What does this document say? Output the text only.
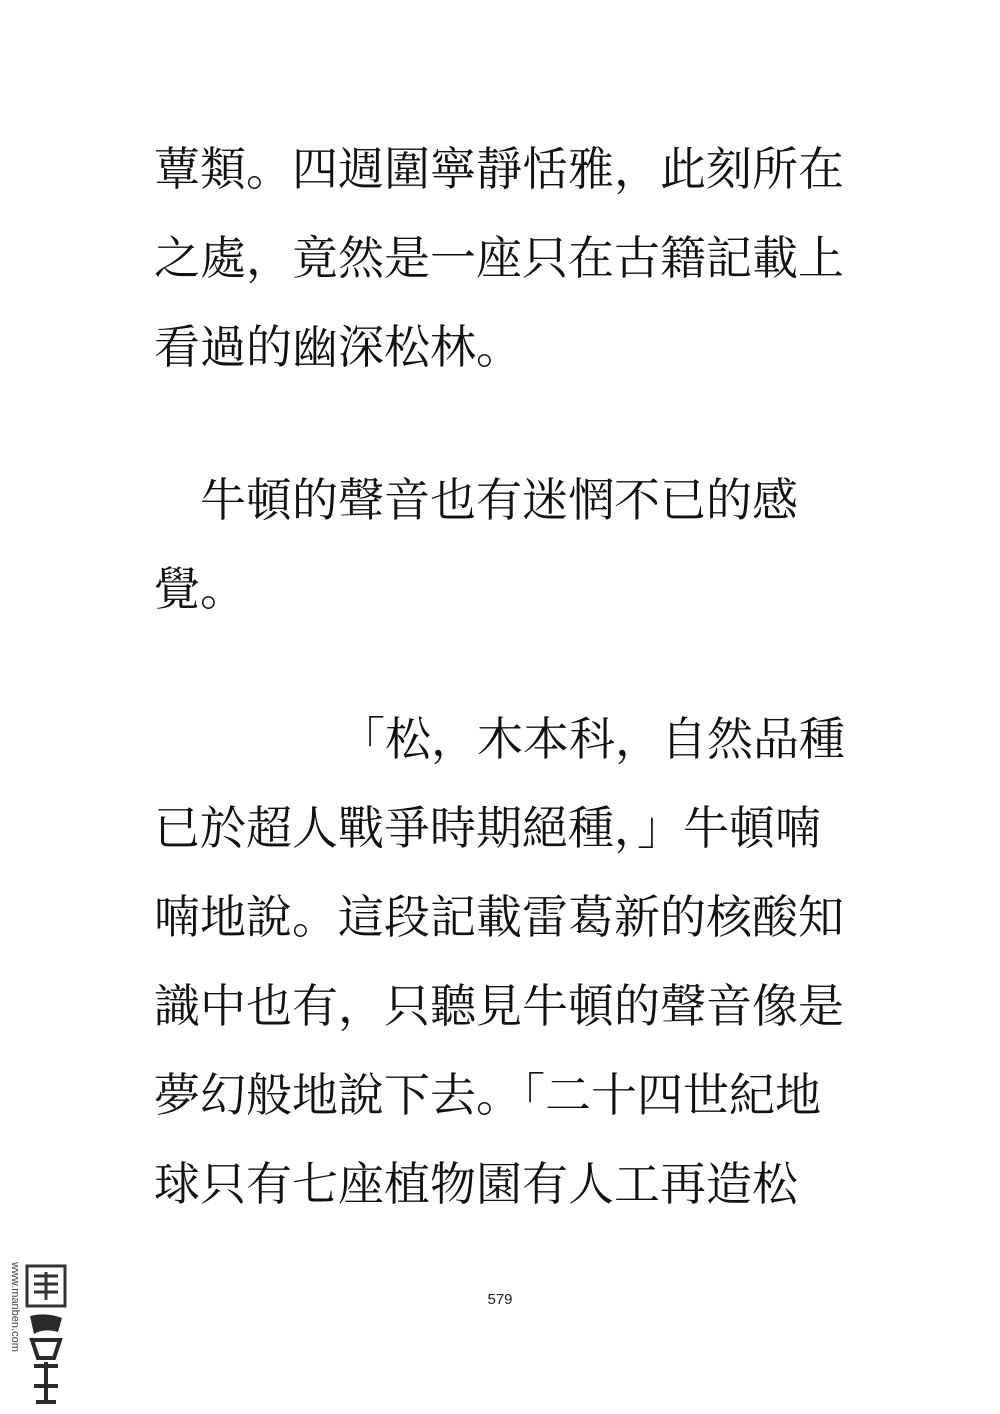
蕈類。四週圍寧靜恬雅，此刻所在
之處，竟然是一座只在古籍記載上
看過的幽深松林。
牛頓的聲音也有迷惘不已的感
覺。
「松，木本科，自然品種
已於超人戰爭時期絕種，」牛頓喃
喃地說。這段記載雷葛新的核酸知
識中也有，只聽見牛頓的聲音像是
夢幻般地說下去。「二十四世紀地
球只有七座植物園有人工再造松
579
www.manben.com
